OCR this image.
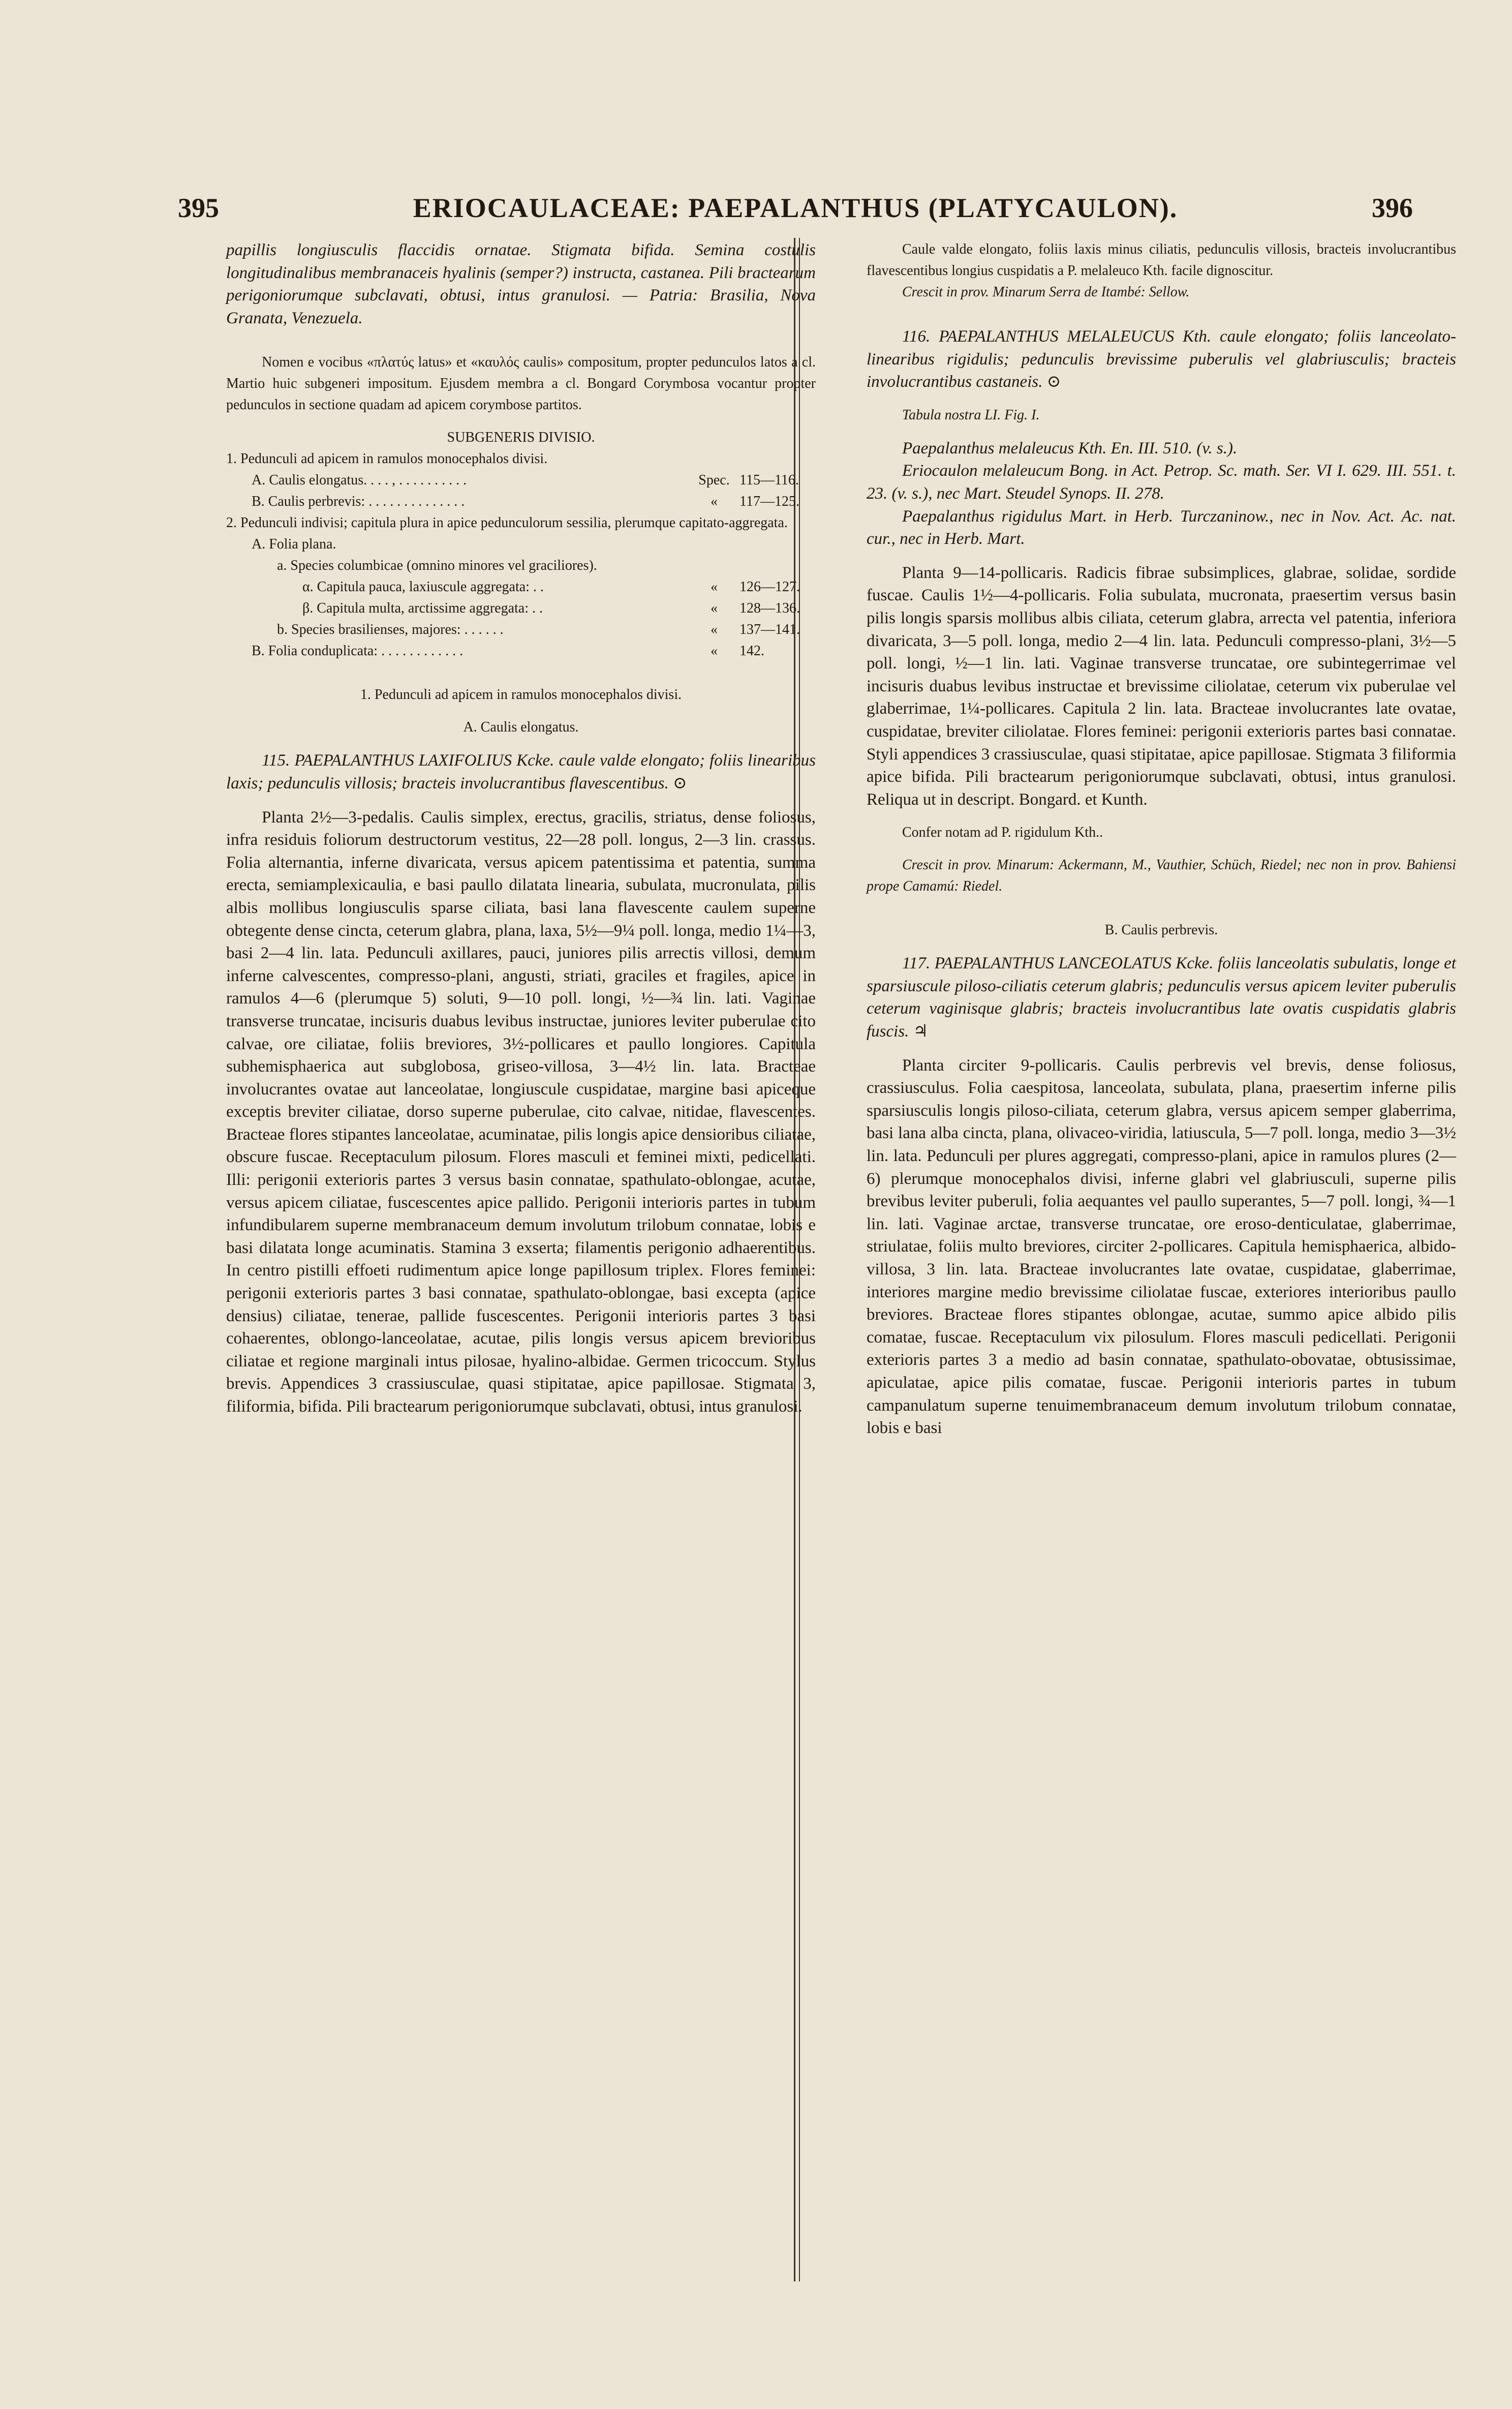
395	ERIOCAULACEAE: PAEPALANTHUS (PLATYCAULON).	396

papillis longiusculis flaccidis ornatae. Stigmata bifida. Semina costulis longitudinalibus membranaceis hyalinis (semper?) instructa, castanea. Pili bractearum perigoniorumque subclavati, obtusi, intus granulosi. — Patria: Brasilia, Nova Granata, Venezuela.

Nomen e vocibus «πλατύς latus» et «καυλός caulis» compositum, propter pedunculos latos a cl. Martio huic subgeneri impositum. Ejusdem membra a cl. Bongard Corymbosa vocantur propter pedunculos in sectione quadam ad apicem corymbose partitos.

SUBGENERIS DIVISIO.

1. Pedunculi ad apicem in ramulos monocephalos divisi.
A. Caulis elongatus. . . . , . . . . . . . . . .	Spec. 115—116.
B. Caulis perbrevis: . . . . . . . . . . . . . .	«	117—125.
2. Pedunculi indivisi; capitula plura in apice pedunculorum sessilia, plerumque capitato-aggregata.
A. Folia plana.
a. Species columbicae (omnino minores vel graciliores).
α. Capitula pauca, laxiuscule aggregata: . .	«	126—127.
β. Capitula multa, arctissime aggregata: . .	«	128—136.
b. Species brasilienses, majores: . . . . . .	«	137—141.
B. Folia conduplicata: . . . . . . . . . . . .	«	142.

1. Pedunculi ad apicem in ramulos monocephalos divisi.

A. Caulis elongatus.

115. PAEPALANTHUS LAXIFOLIUS Kcke. caule valde elongato; foliis linearibus laxis; pedunculis villosis; bracteis involucrantibus flavescentibus. ⊙

Planta 2½—3-pedalis. Caulis simplex, erectus, gracilis, striatus, dense foliosus, infra residuis foliorum destructorum vestitus, 22—28 poll. longus, 2—3 lin. crassus. Folia alternantia, inferne divaricata, versus apicem patentissima et patentia, summa erecta, semiamplexicaulia, e basi paullo dilatata linearia, subulata, mucronulata, pilis albis mollibus longiusculis sparse ciliata, basi lana flavescente caulem superne obtegente dense cincta, ceterum glabra, plana, laxa, 5½—9¼ poll. longa, medio 1¼—3, basi 2—4 lin. lata. Pedunculi axillares, pauci, juniores pilis arrectis villosi, demum inferne calvescentes, compresso-plani, angusti, striati, graciles et fragiles, apice in ramulos 4—6 (plerumque 5) soluti, 9—10 poll. longi, ½—¾ lin. lati. Vaginae transverse truncatae, incisuris duabus levibus instructae, juniores leviter puberulae cito calvae, ore ciliatae, foliis breviores, 3½-pollicares et paullo longiores. Capitula subhemisphaerica aut subglobosa, griseo-villosa, 3—4½ lin. lata. Bracteae involucrantes ovatae aut lanceolatae, longiuscule cuspidatae, margine basi apiceque exceptis breviter ciliatae, dorso superne puberulae, cito calvae, nitidae, flavescentes. Bracteae flores stipantes lanceolatae, acuminatae, pilis longis apice densioribus ciliatae, obscure fuscae. Receptaculum pilosum. Flores masculi et feminei mixti, pedicellati. Illi: perigonii exterioris partes 3 versus basin connatae, spathulato-oblongae, acutae, versus apicem ciliatae, fuscescentes apice pallido. Perigonii interioris partes in tubum infundibularem superne membranaceum demum involutum trilobum connatae, lobis e basi dilatata longe acuminatis. Stamina 3 exserta; filamentis perigonio adhaerentibus. In centro pistilli effoeti rudimentum apice longe papillosum triplex. Flores feminei: perigonii exterioris partes 3 basi connatae, spathulato-oblongae, basi excepta (apice densius) ciliatae, tenerae, pallide fuscescentes. Perigonii interioris partes 3 basi cohaerentes, oblongo-lanceolatae, acutae, pilis longis versus apicem brevioribus ciliatae et regione marginali intus pilosae, hyalino-albidae. Germen tricoccum. Stylus brevis. Appendices 3 crassiusculae, quasi stipitatae, apice papillosae. Stigmata 3, filiformia, bifida. Pili bractearum perigoniorumque subclavati, obtusi, intus granulosi.

Caule valde elongato, foliis laxis minus ciliatis, pedunculis villosis, bracteis involucrantibus flavescentibus longius cuspidatis a P. melaleuco Kth. facile dignoscitur.

Crescit in prov. Minarum Serra de Itambé: Sellow.

116. PAEPALANTHUS MELALEUCUS Kth. caule elongato; foliis lanceolato-linearibus rigidulis; pedunculis brevissime puberulis vel glabriusculis; bracteis involucrantibus castaneis. ⊙

Tabula nostra LI. Fig. I.

Paepalanthus melaleucus Kth. En. III. 510. (v. s.).

Eriocaulon melaleucum Bong. in Act. Petrop. Sc. math. Ser. VI I. 629. III. 551. t. 23. (v. s.), nec Mart. Steudel Synops. II. 278.

Paepalanthus rigidulus Mart. in Herb. Turczaninow., nec in Nov. Act. Ac. nat. cur., nec in Herb. Mart.

Planta 9—14-pollicaris. Radicis fibrae subsimplices, glabrae, solidae, sordide fuscae. Caulis 1½—4-pollicaris. Folia subulata, mucronata, praesertim versus basin pilis longis sparsis mollibus albis ciliata, ceterum glabra, arrecta vel patentia, inferiora divaricata, 3—5 poll. longa, medio 2—4 lin. lata. Pedunculi compresso-plani, 3½—5 poll. longi, ½—1 lin. lati. Vaginae transverse truncatae, ore subintegerrimae vel incisuris duabus levibus instructae et brevissime ciliolatae, ceterum vix puberulae vel glaberrimae, 1¼-pollicares. Capitula 2 lin. lata. Bracteae involucrantes late ovatae, cuspidatae, breviter ciliolatae. Flores feminei: perigonii exterioris partes basi connatae. Styli appendices 3 crassiusculae, quasi stipitatae, apice papillosae. Stigmata 3 filiformia apice bifida. Pili bractearum perigoniorumque subclavati, obtusi, intus granulosi. Reliqua ut in descript. Bongard. et Kunth.

Confer notam ad P. rigidulum Kth..

Crescit in prov. Minarum: Ackermann, M., Vauthier, Schüch, Riedel; nec non in prov. Bahiensi prope Camamú: Riedel.

B. Caulis perbrevis.

117. PAEPALANTHUS LANCEOLATUS Kcke. foliis lanceolatis subulatis, longe et sparsiuscule piloso-ciliatis ceterum glabris; pedunculis versus apicem leviter puberulis ceterum vaginisque glabris; bracteis involucrantibus late ovatis cuspidatis glabris fuscis. ♃

Planta circiter 9-pollicaris. Caulis perbrevis vel brevis, dense foliosus, crassiusculus. Folia caespitosa, lanceolata, subulata, plana, praesertim inferne pilis sparsiusculis longis piloso-ciliata, ceterum glabra, versus apicem semper glaberrima, basi lana alba cincta, plana, olivaceo-viridia, latiuscula, 5—7 poll. longa, medio 3—3½ lin. lata. Pedunculi per plures aggregati, compresso-plani, apice in ramulos plures (2—6) plerumque monocephalos divisi, inferne glabri vel glabriusculi, superne pilis brevibus leviter puberuli, folia aequantes vel paullo superantes, 5—7 poll. longi, ¾—1 lin. lati. Vaginae arctae, transverse truncatae, ore eroso-denticulatae, glaberrimae, striulatae, foliis multo breviores, circiter 2-pollicares. Capitula hemisphaerica, albido-villosa, 3 lin. lata. Bracteae involucrantes late ovatae, cuspidatae, glaberrimae, interiores margine medio brevissime ciliolatae fuscae, exteriores interioribus paullo breviores. Bracteae flores stipantes oblongae, acutae, summo apice albido pilis comatae, fuscae. Receptaculum vix pilosulum. Flores masculi pedicellati. Perigonii exterioris partes 3 a medio ad basin connatae, spathulato-obovatae, obtusissimae, apiculatae, apice pilis comatae, fuscae. Perigonii interioris partes in tubum campanulatum superne tenuimembranaceum demum involutum trilobum connatae, lobis e basi
